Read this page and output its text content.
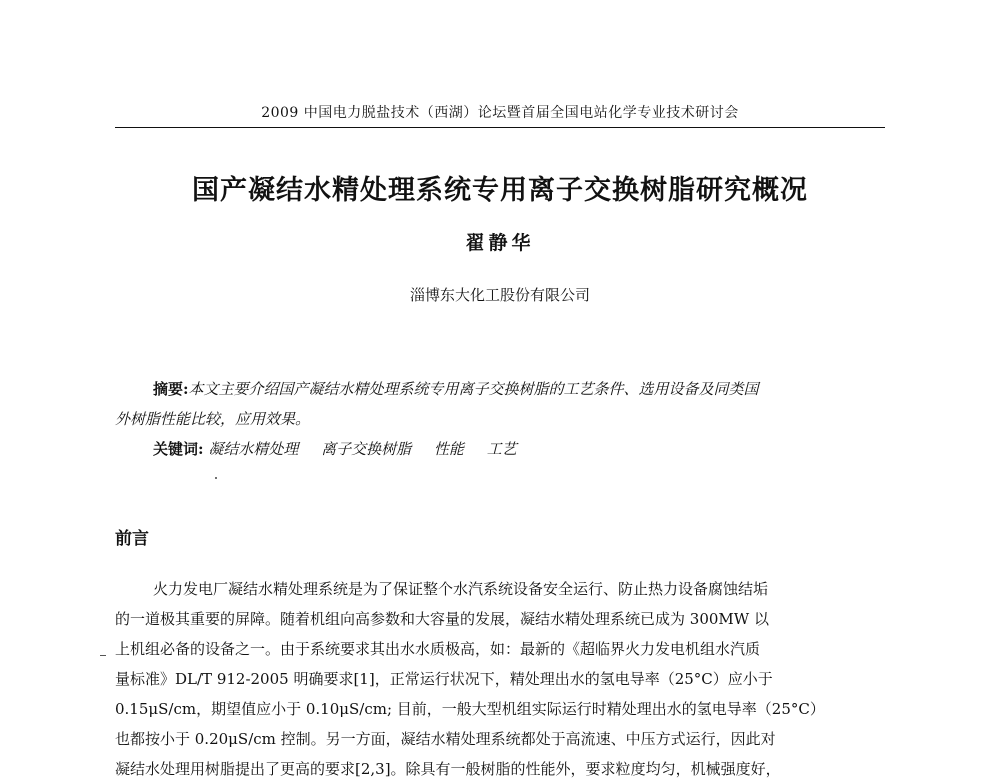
2009 中国电力脱盐技术（西湖）论坛暨首届全国电站化学专业技术研讨会
国产凝结水精处理系统专用离子交换树脂研究概况
翟静华
淄博东大化工股份有限公司
摘要:本文主要介绍国产凝结水精处理系统专用离子交换树脂的工艺条件、选用设备及同类国
外树脂性能比较，应用效果。
关键词: 凝结水精处理 离子交换树脂 性能 工艺
前言
火力发电厂凝结水精处理系统是为了保证整个水汽系统设备安全运行、防止热力设备腐蚀结垢
的一道极其重要的屏障。随着机组向高参数和大容量的发展，凝结水精处理系统已成为 300MW 以
上机组必备的设备之一。由于系统要求其出水水质极高，如：最新的《超临界火力发电机组水汽质
量标准》DL/T 912-2005 明确要求[1]，正常运行状况下，精处理出水的氢电导率（25°C）应小于
0.15μS/cm，期望值应小于 0.10μS/cm; 目前，一般大型机组实际运行时精处理出水的氢电导率（25°C）
也都按小于 0.20μS/cm 控制。另一方面，凝结水精处理系统都处于高流速、中压方式运行，因此对
凝结水处理用树脂提出了更高的要求[2,3]。除具有一般树脂的性能外，要求粒度均匀，机械强度好，
